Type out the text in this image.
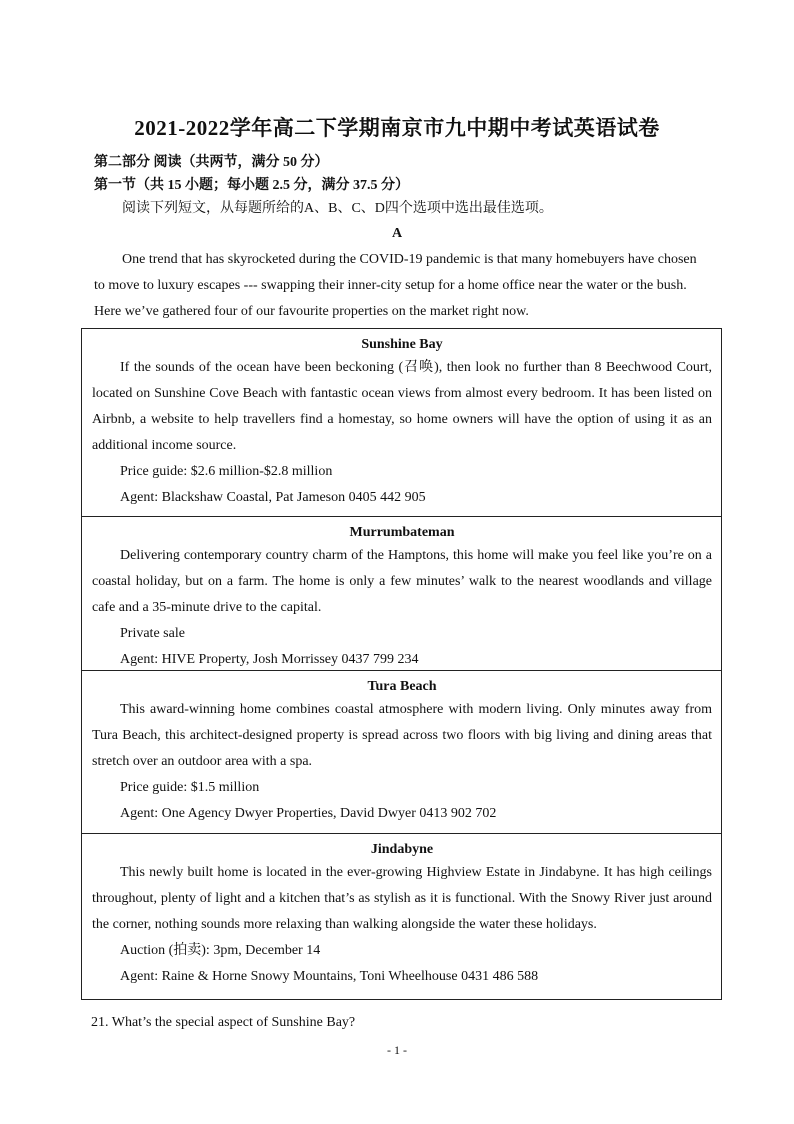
2021-2022学年高二下学期南京市九中期中考试英语试卷
第二部分 阅读（共两节，满分 50 分）
第一节（共 15 小题；每小题 2.5 分，满分 37.5 分）
阅读下列短文，从每题所给的A、B、C、D四个选项中选出最佳选项。
A
One trend that has skyrocketed during the COVID-19 pandemic is that many homebuyers have chosen to move to luxury escapes --- swapping their inner-city setup for a home office near the water or the bush. Here we’ve gathered four of our favourite properties on the market right now.
Sunshine Bay

If the sounds of the ocean have been beckoning (召唤), then look no further than 8 Beechwood Court, located on Sunshine Cove Beach with fantastic ocean views from almost every bedroom. It has been listed on Airbnb, a website to help travellers find a homestay, so home owners will have the option of using it as an additional income source.

Price guide: $2.6 million-$2.8 million
Agent: Blackshaw Coastal, Pat Jameson 0405 442 905
Murrumbateman

Delivering contemporary country charm of the Hamptons, this home will make you feel like you’re on a coastal holiday, but on a farm. The home is only a few minutes’ walk to the nearest woodlands and village cafe and a 35-minute drive to the capital.

Private sale
Agent: HIVE Property, Josh Morrissey 0437 799 234
Tura Beach

This award-winning home combines coastal atmosphere with modern living. Only minutes away from Tura Beach, this architect-designed property is spread across two floors with big living and dining areas that stretch over an outdoor area with a spa.

Price guide: $1.5 million
Agent: One Agency Dwyer Properties, David Dwyer 0413 902 702
Jindabyne

This newly built home is located in the ever-growing Highview Estate in Jindabyne. It has high ceilings throughout, plenty of light and a kitchen that’s as stylish as it is functional. With the Snowy River just around the corner, nothing sounds more relaxing than walking alongside the water these holidays.

Auction (拍卖): 3pm, December 14
Agent: Raine & Horne Snowy Mountains, Toni Wheelhouse 0431 486 588
21. What’s the special aspect of Sunshine Bay?
- 1 -
